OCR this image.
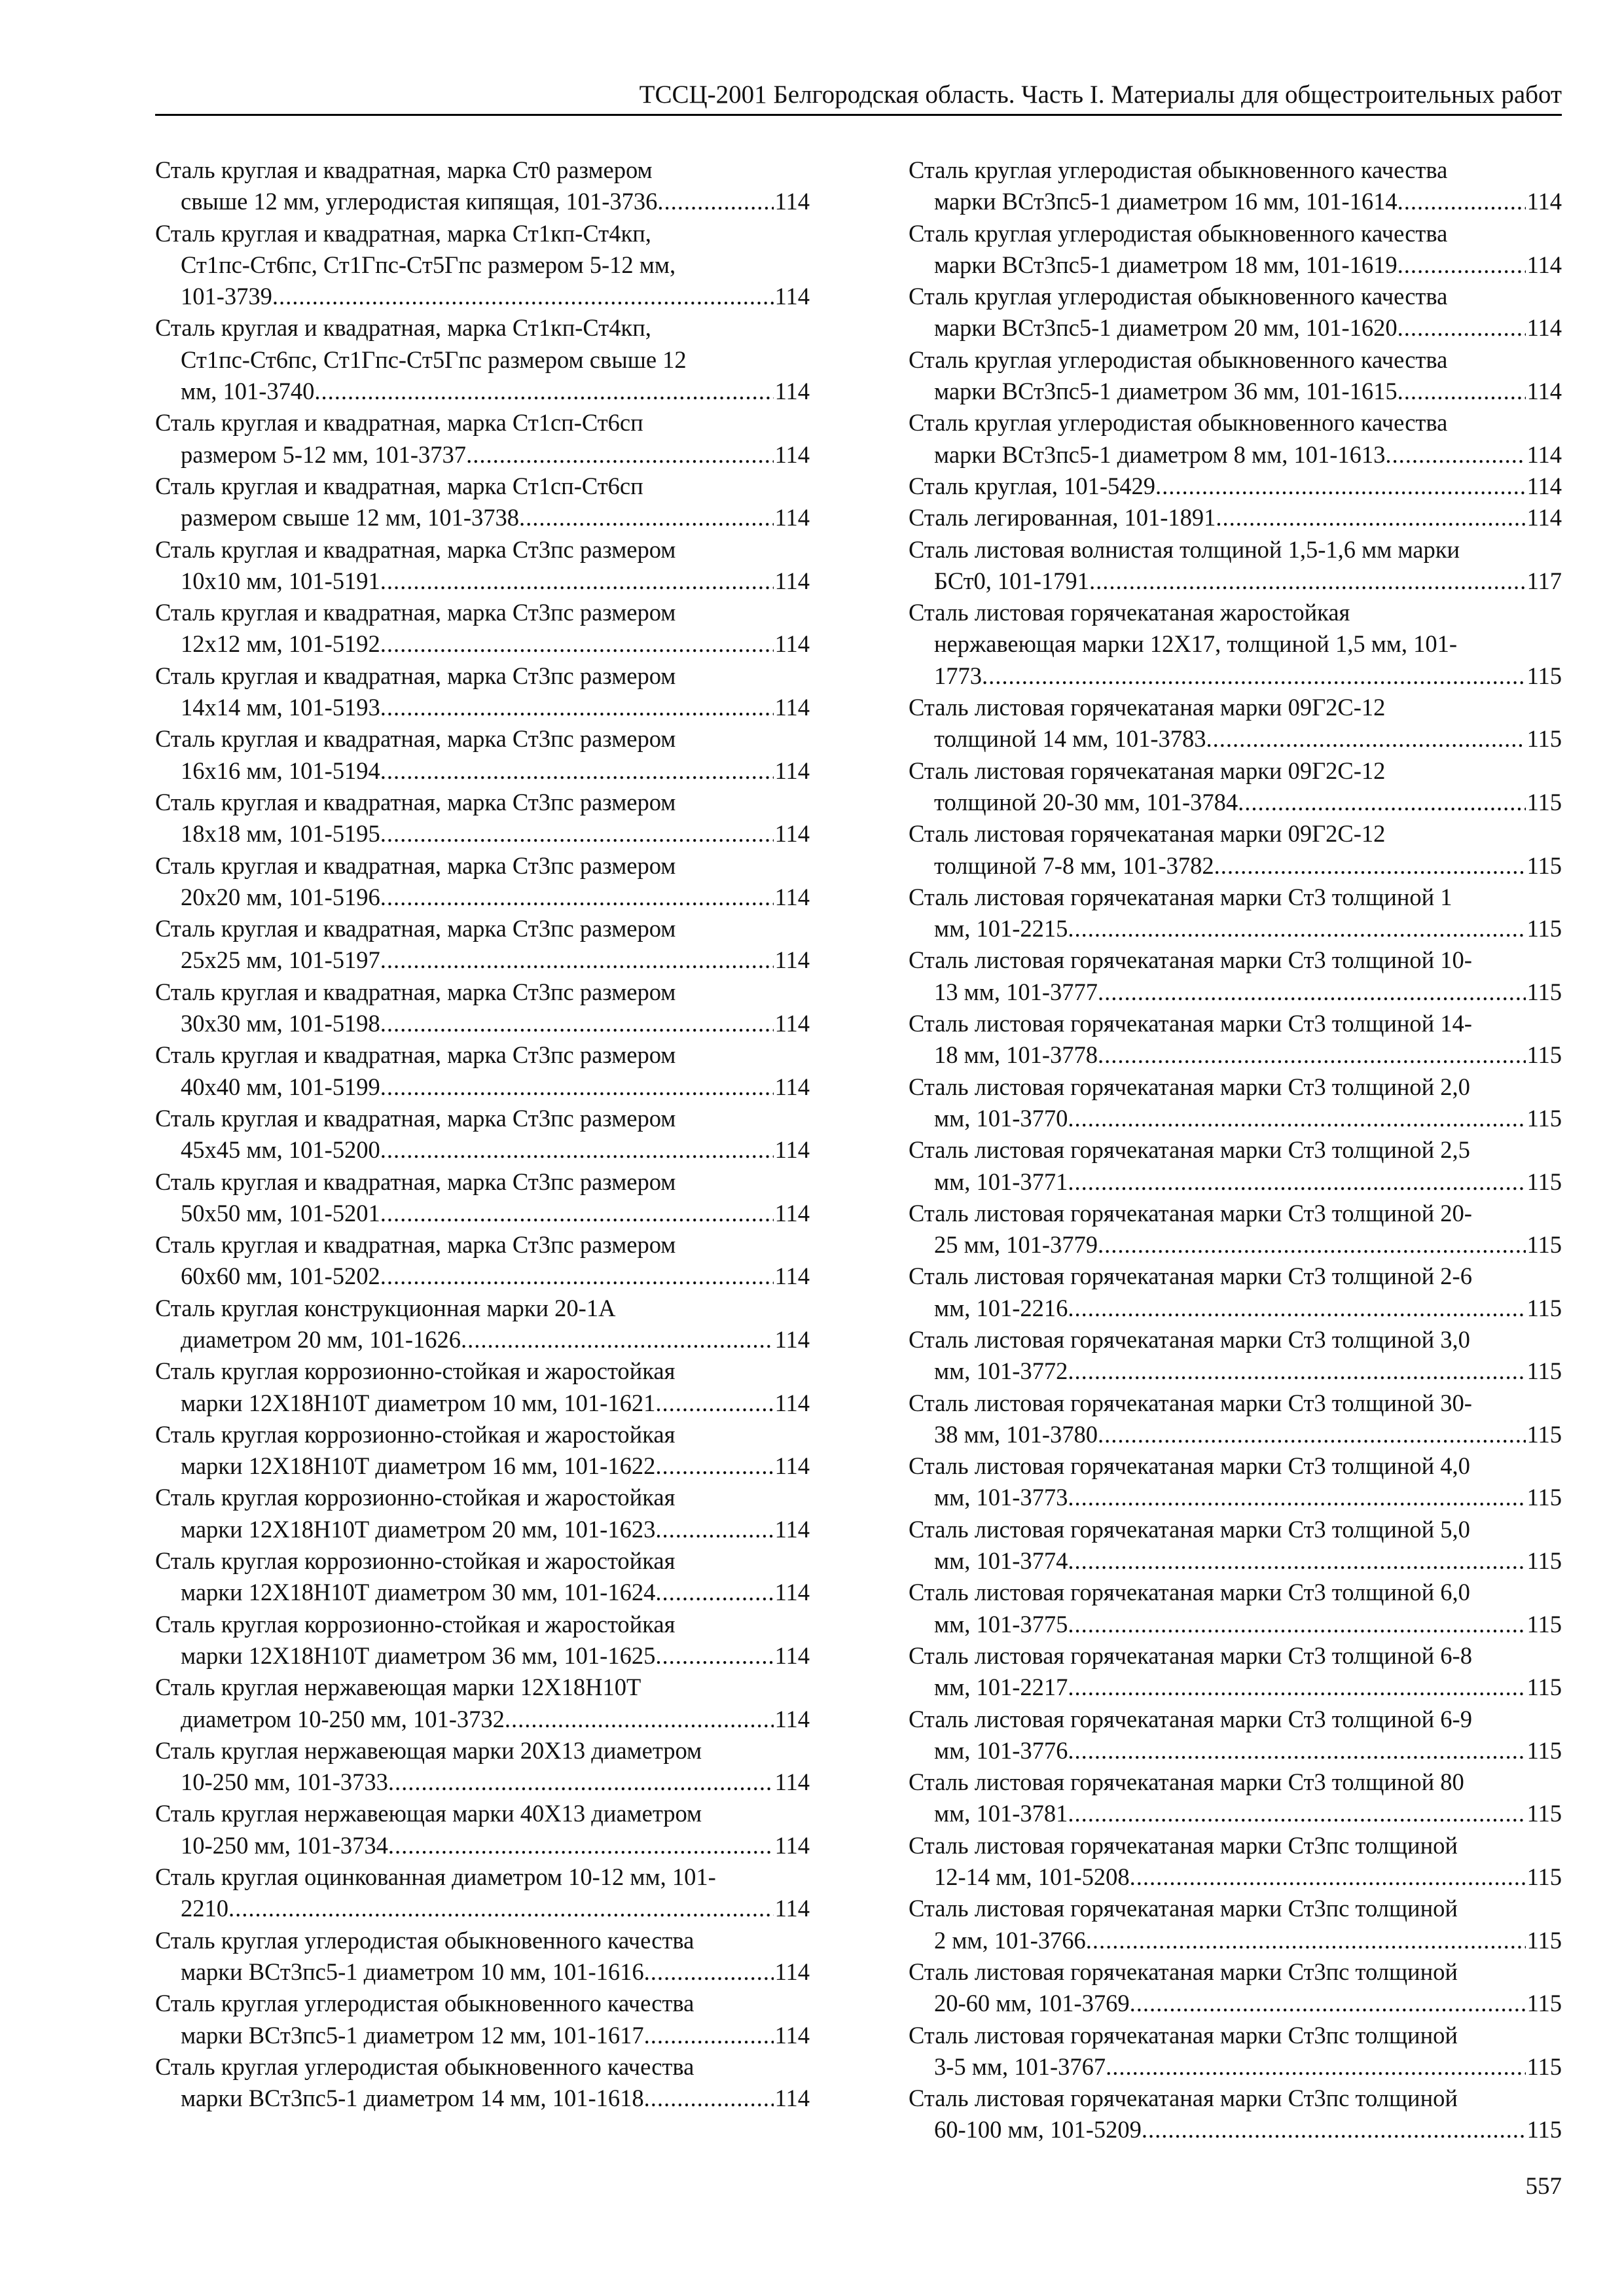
ТССЦ-2001 Белгородская область. Часть I. Материалы для общестроительных работ
Сталь круглая и квадратная, марка Ст0 размером
свыше 12 мм, углеродистая кипящая, 101-3736 .....	114
Сталь круглая и квадратная, марка Ст1кп-Ст4кп,
Ст1пс-Ст6пс, Ст1Гпс-Ст5Гпс размером 5-12 мм,
101-3739 .....	114
Сталь круглая и квадратная, марка Ст1кп-Ст4кп,
Ст1пс-Ст6пс, Ст1Гпс-Ст5Гпс размером свыше 12
мм, 101-3740 .....	114
Сталь круглая и квадратная, марка Ст1сп-Ст6сп
размером 5-12 мм, 101-3737 .....	114
Сталь круглая и квадратная, марка Ст1сп-Ст6сп
размером свыше 12 мм, 101-3738 .....	114
Сталь круглая и квадратная, марка Ст3пс размером
10х10 мм, 101-5191 .....	114
Сталь круглая и квадратная, марка Ст3пс размером
12х12 мм, 101-5192 .....	114
Сталь круглая и квадратная, марка Ст3пс размером
14х14 мм, 101-5193 .....	114
Сталь круглая и квадратная, марка Ст3пс размером
16х16 мм, 101-5194 .....	114
Сталь круглая и квадратная, марка Ст3пс размером
18х18 мм, 101-5195 .....	114
Сталь круглая и квадратная, марка Ст3пс размером
20х20 мм, 101-5196 .....	114
Сталь круглая и квадратная, марка Ст3пс размером
25х25 мм, 101-5197 .....	114
Сталь круглая и квадратная, марка Ст3пс размером
30х30 мм, 101-5198 .....	114
Сталь круглая и квадратная, марка Ст3пс размером
40х40 мм, 101-5199 .....	114
Сталь круглая и квадратная, марка Ст3пс размером
45х45 мм, 101-5200 .....	114
Сталь круглая и квадратная, марка Ст3пс размером
50х50 мм, 101-5201 .....	114
Сталь круглая и квадратная, марка Ст3пс размером
60х60 мм, 101-5202 .....	114
Сталь круглая конструкционная марки 20-1А
диаметром 20 мм, 101-1626 .....	114
Сталь круглая коррозионно-стойкая и жаростойкая
марки 12Х18Н10Т диаметром 10 мм, 101-1621 .....	114
Сталь круглая коррозионно-стойкая и жаростойкая
марки 12Х18Н10Т диаметром 16 мм, 101-1622 .....	114
Сталь круглая коррозионно-стойкая и жаростойкая
марки 12Х18Н10Т диаметром 20 мм, 101-1623 .....	114
Сталь круглая коррозионно-стойкая и жаростойкая
марки 12Х18Н10Т диаметром 30 мм, 101-1624 .....	114
Сталь круглая коррозионно-стойкая и жаростойкая
марки 12Х18Н10Т диаметром 36 мм, 101-1625 .....	114
Сталь круглая нержавеющая марки 12Х18Н10Т
диаметром 10-250 мм, 101-3732 .....	114
Сталь круглая нержавеющая марки 20Х13 диаметром
10-250 мм, 101-3733 .....	114
Сталь круглая нержавеющая марки 40Х13 диаметром
10-250 мм, 101-3734 .....	114
Сталь круглая оцинкованная диаметром 10-12 мм, 101-
2210 .....	114
Сталь круглая углеродистая обыкновенного качества
марки ВСт3пс5-1 диаметром 10 мм, 101-1616 .....	114
Сталь круглая углеродистая обыкновенного качества
марки ВСт3пс5-1 диаметром 12 мм, 101-1617 .....	114
Сталь круглая углеродистая обыкновенного качества
марки ВСт3пс5-1 диаметром 14 мм, 101-1618 .....	114
Сталь круглая углеродистая обыкновенного качества
марки ВСт3пс5-1 диаметром 16 мм, 101-1614 .....	114
Сталь круглая углеродистая обыкновенного качества
марки ВСт3пс5-1 диаметром 18 мм, 101-1619 .....	114
Сталь круглая углеродистая обыкновенного качества
марки ВСт3пс5-1 диаметром 20 мм, 101-1620 .....	114
Сталь круглая углеродистая обыкновенного качества
марки ВСт3пс5-1 диаметром 36 мм, 101-1615 .....	114
Сталь круглая углеродистая обыкновенного качества
марки ВСт3пс5-1 диаметром 8 мм, 101-1613 .....	114
Сталь круглая, 101-5429 .....	114
Сталь легированная, 101-1891 .....	114
Сталь листовая волнистая толщиной 1,5-1,6 мм марки
БСт0, 101-1791 .....	117
Сталь листовая горячекатаная жаростойкая
нержавеющая марки 12Х17, толщиной 1,5 мм, 101-
1773 .....	115
Сталь листовая горячекатаная марки 09Г2С-12
толщиной 14 мм, 101-3783 .....	115
Сталь листовая горячекатаная марки 09Г2С-12
толщиной 20-30 мм, 101-3784 .....	115
Сталь листовая горячекатаная марки 09Г2С-12
толщиной 7-8 мм, 101-3782 .....	115
Сталь листовая горячекатаная марки Ст3 толщиной 1
мм, 101-2215 .....	115
Сталь листовая горячекатаная марки Ст3 толщиной 10-
13 мм, 101-3777 .....	115
Сталь листовая горячекатаная марки Ст3 толщиной 14-
18 мм, 101-3778 .....	115
Сталь листовая горячекатаная марки Ст3 толщиной 2,0
мм, 101-3770 .....	115
Сталь листовая горячекатаная марки Ст3 толщиной 2,5
мм, 101-3771 .....	115
Сталь листовая горячекатаная марки Ст3 толщиной 20-
25 мм, 101-3779 .....	115
Сталь листовая горячекатаная марки Ст3 толщиной 2-6
мм, 101-2216 .....	115
Сталь листовая горячекатаная марки Ст3 толщиной 3,0
мм, 101-3772 .....	115
Сталь листовая горячекатаная марки Ст3 толщиной 30-
38 мм, 101-3780 .....	115
Сталь листовая горячекатаная марки Ст3 толщиной 4,0
мм, 101-3773 .....	115
Сталь листовая горячекатаная марки Ст3 толщиной 5,0
мм, 101-3774 .....	115
Сталь листовая горячекатаная марки Ст3 толщиной 6,0
мм, 101-3775 .....	115
Сталь листовая горячекатаная марки Ст3 толщиной 6-8
мм, 101-2217 .....	115
Сталь листовая горячекатаная марки Ст3 толщиной 6-9
мм, 101-3776 .....	115
Сталь листовая горячекатаная марки Ст3 толщиной 80
мм, 101-3781 .....	115
Сталь листовая горячекатаная марки Ст3пс толщиной
12-14 мм, 101-5208 .....	115
Сталь листовая горячекатаная марки Ст3пс толщиной
2 мм, 101-3766 .....	115
Сталь листовая горячекатаная марки Ст3пс толщиной
20-60 мм, 101-3769 .....	115
Сталь листовая горячекатаная марки Ст3пс толщиной
3-5 мм, 101-3767 .....	115
Сталь листовая горячекатаная марки Ст3пс толщиной
60-100 мм, 101-5209 .....	115
557
